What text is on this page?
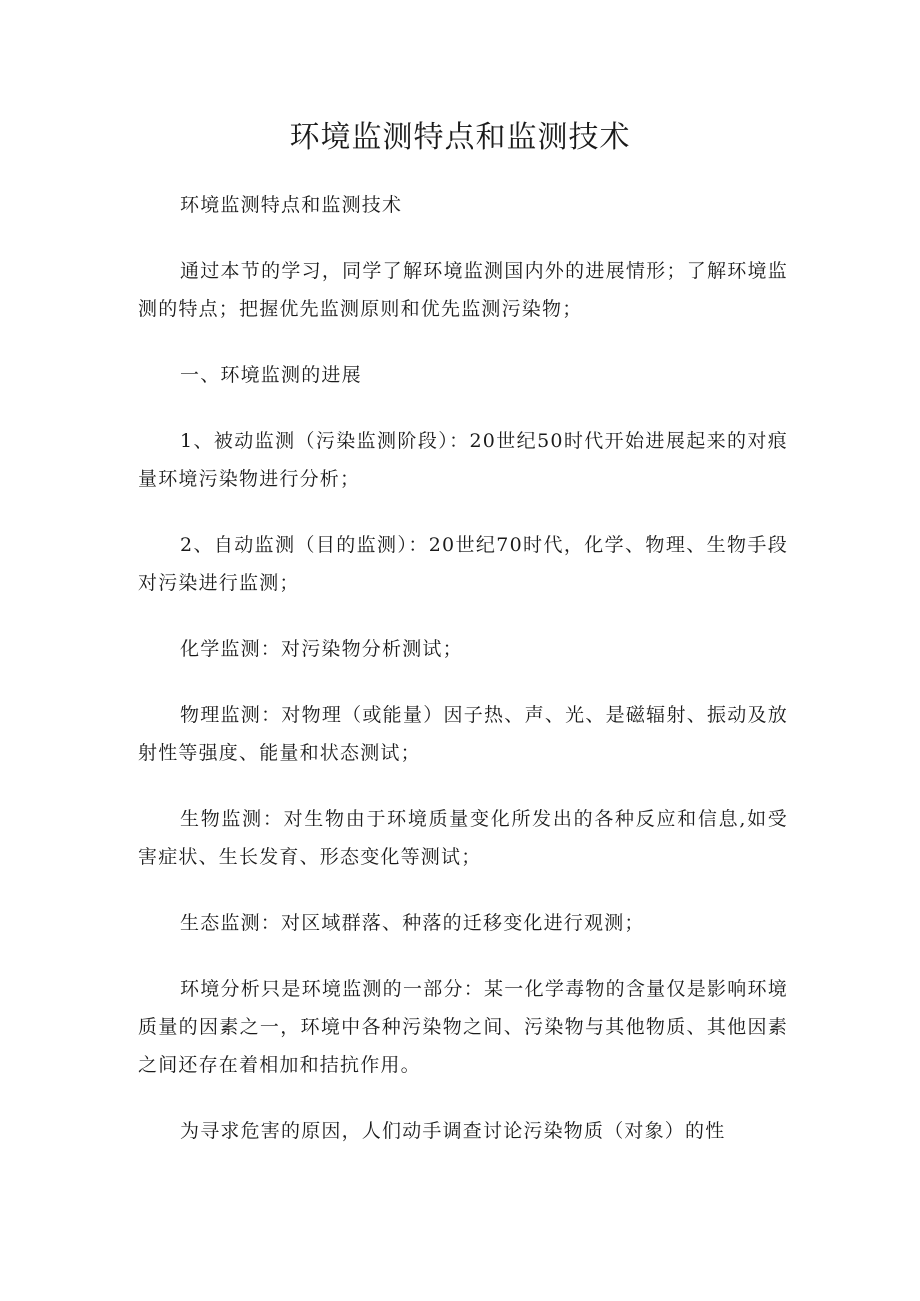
环境监测特点和监测技术

环境监测特点和监测技术

通过本节的学习，同学了解环境监测国内外的进展情形；了解环境监测的特点；把握优先监测原则和优先监测污染物；

一、环境监测的进展

1、被动监测（污染监测阶段）：20世纪50时代开始进展起来的对痕量环境污染物进行分析；

2、自动监测（目的监测）：20世纪70时代，化学、物理、生物手段对污染进行监测；

化学监测：对污染物分析测试；

物理监测：对物理（或能量）因子热、声、光、是磁辐射、振动及放射性等强度、能量和状态测试；

生物监测：对生物由于环境质量变化所发出的各种反应和信息,如受害症状、生长发育、形态变化等测试；

生态监测：对区域群落、种落的迁移变化进行观测；

环境分析只是环境监测的一部分：某一化学毒物的含量仅是影响环境质量的因素之一，环境中各种污染物之间、污染物与其他物质、其他因素之间还存在着相加和拮抗作用。

为寻求危害的原因，人们动手调查讨论污染物质（对象）的性
